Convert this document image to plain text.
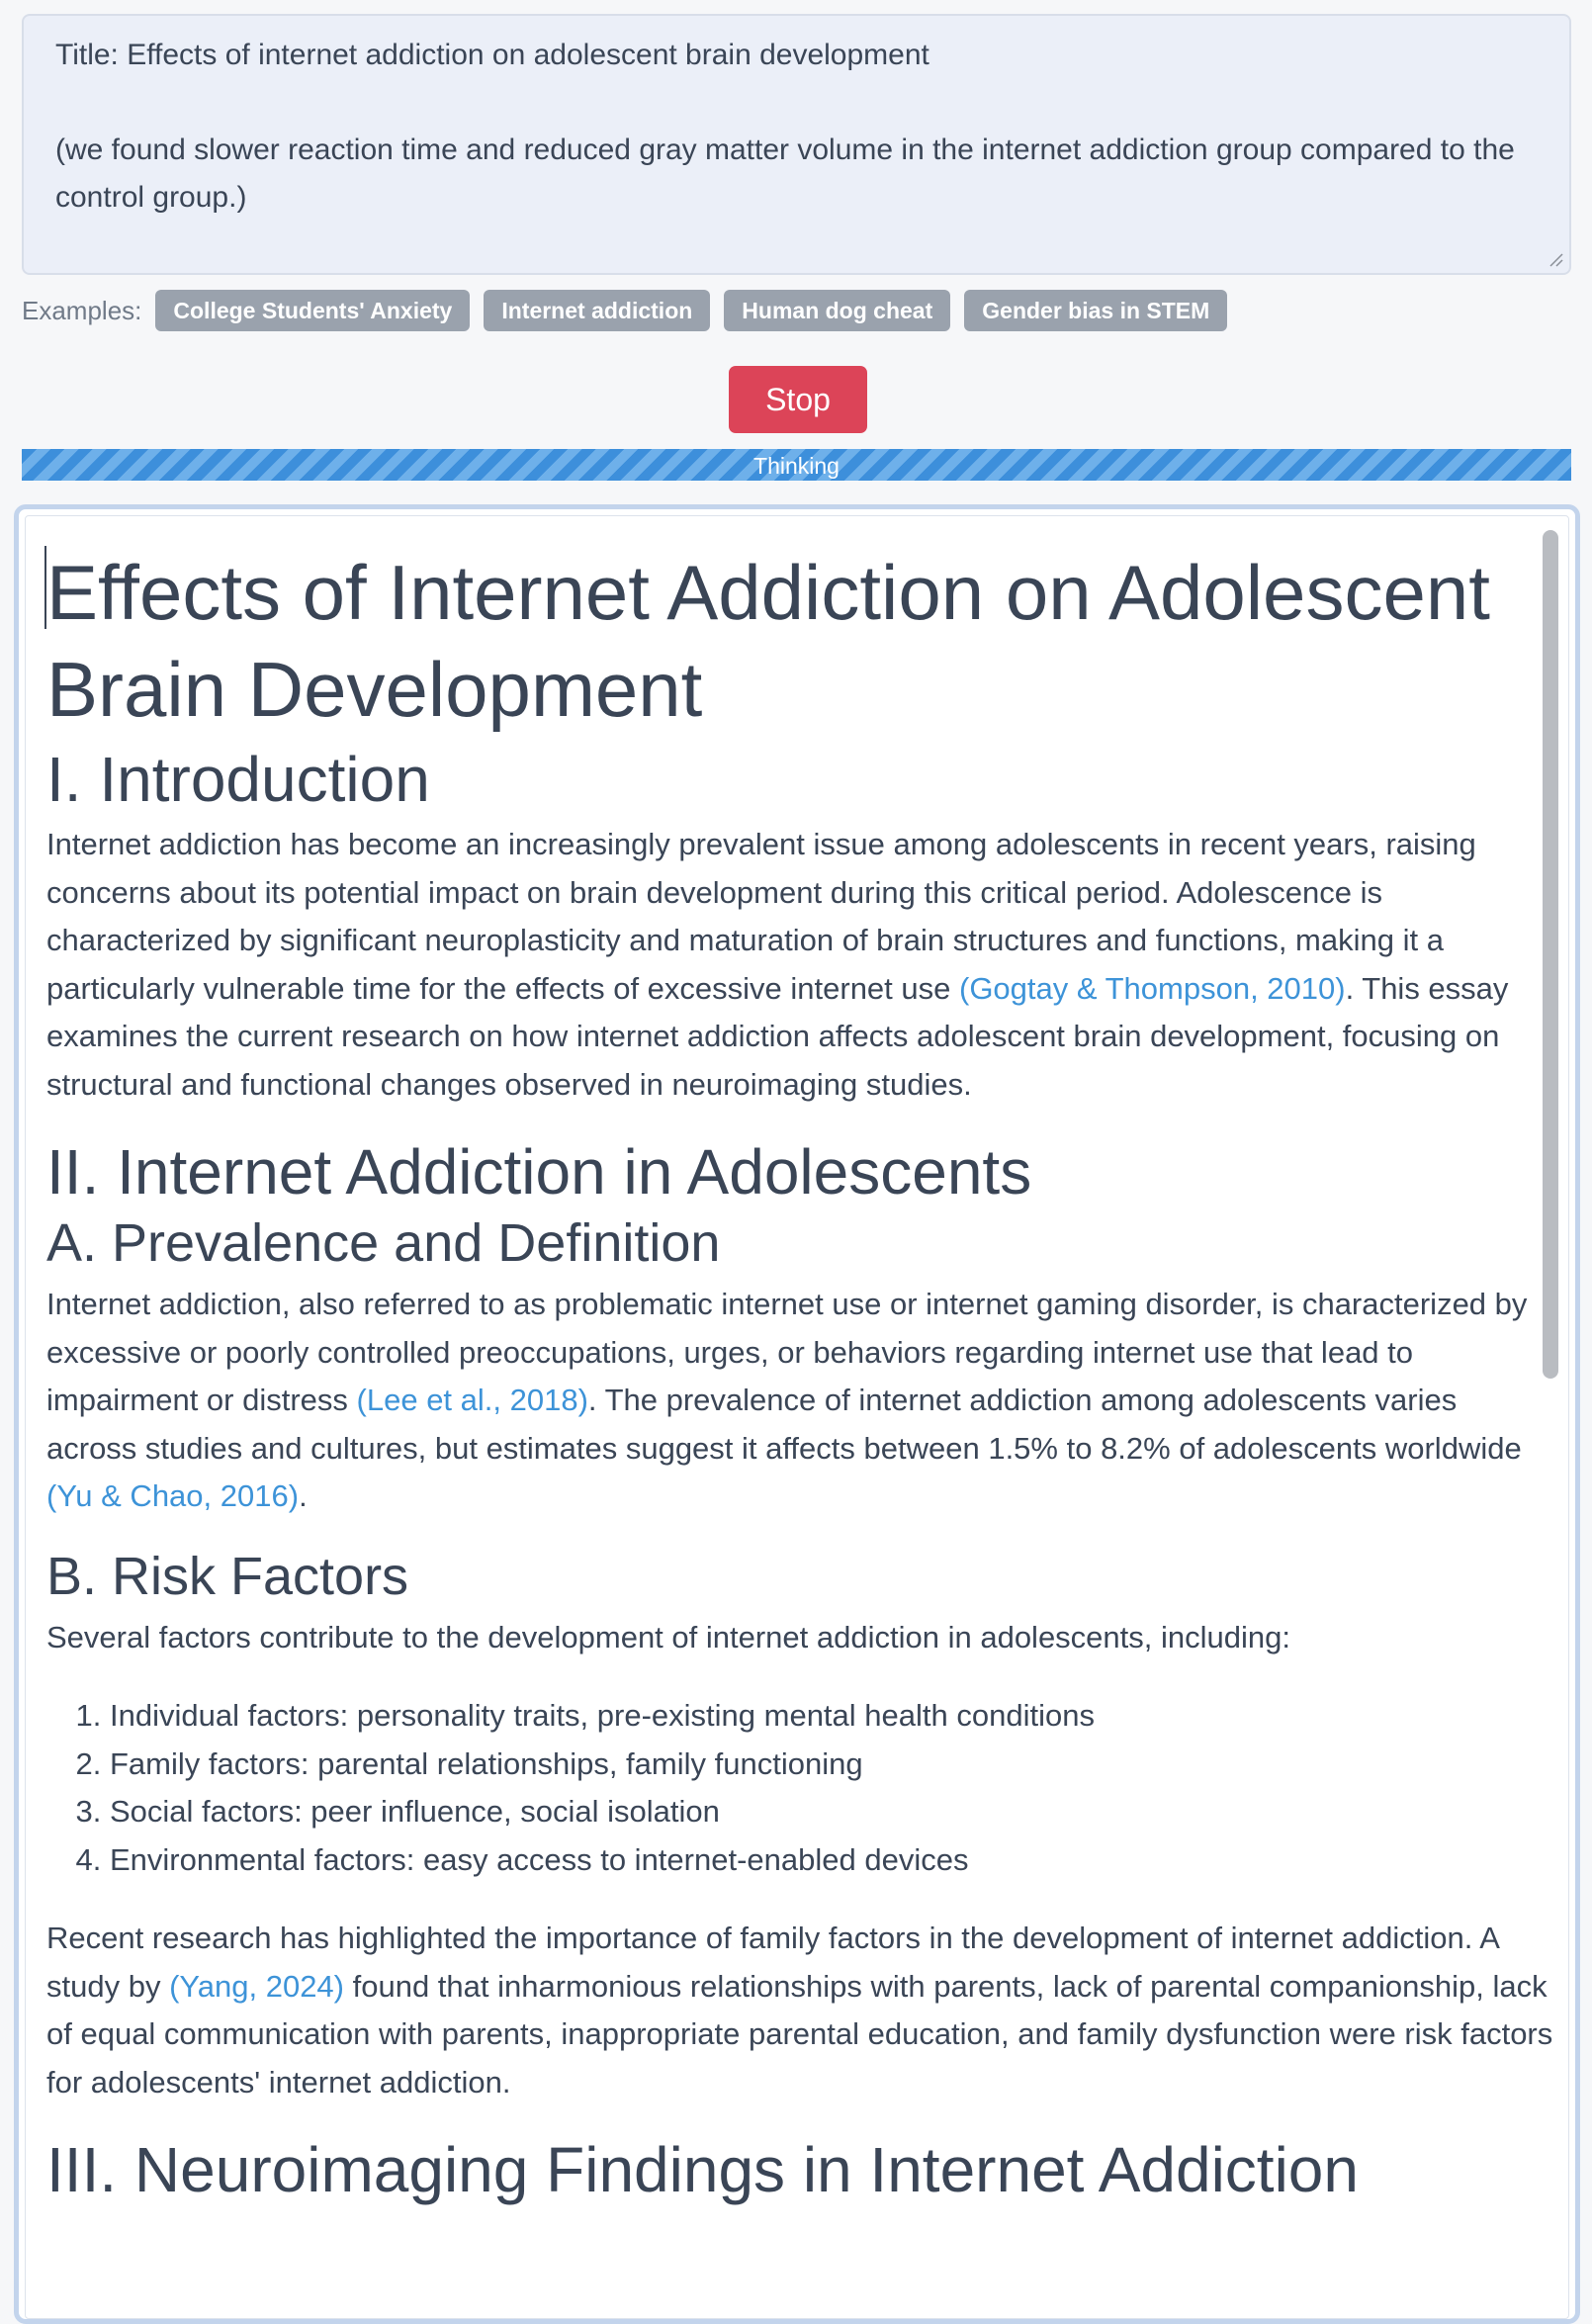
Title: Effects of internet addiction on adolescent brain development

(we found slower reaction time and reduced gray matter volume in the internet addiction group compared to the control group.)

Examples:	College Students' Anxiety	Internet addiction	Human dog cheat	Gender bias in STEM
Stop
Thinking
Effects of Internet Addiction on Adolescent Brain Development
I. Introduction

Internet addiction has become an increasingly prevalent issue among adolescents in recent years, raising concerns about its potential impact on brain development during this critical period. Adolescence is characterized by significant neuroplasticity and maturation of brain structures and functions, making it a particularly vulnerable time for the effects of excessive internet use (Gogtay & Thompson, 2010). This essay examines the current research on how internet addiction affects adolescent brain development, focusing on structural and functional changes observed in neuroimaging studies.

II. Internet Addiction in Adolescents
A. Prevalence and Definition

Internet addiction, also referred to as problematic internet use or internet gaming disorder, is characterized by excessive or poorly controlled preoccupations, urges, or behaviors regarding internet use that lead to impairment or distress (Lee et al., 2018). The prevalence of internet addiction among adolescents varies across studies and cultures, but estimates suggest it affects between 1.5% to 8.2% of adolescents worldwide (Yu & Chao, 2016).

B. Risk Factors

Several factors contribute to the development of internet addiction in adolescents, including:

1. Individual factors: personality traits, pre-existing mental health conditions
2. Family factors: parental relationships, family functioning
3. Social factors: peer influence, social isolation
4. Environmental factors: easy access to internet-enabled devices

Recent research has highlighted the importance of family factors in the development of internet addiction. A study by (Yang, 2024) found that inharmonious relationships with parents, lack of parental companionship, lack of equal communication with parents, inappropriate parental education, and family dysfunction were risk factors for adolescents' internet addiction.

III. Neuroimaging Findings in Internet Addiction
